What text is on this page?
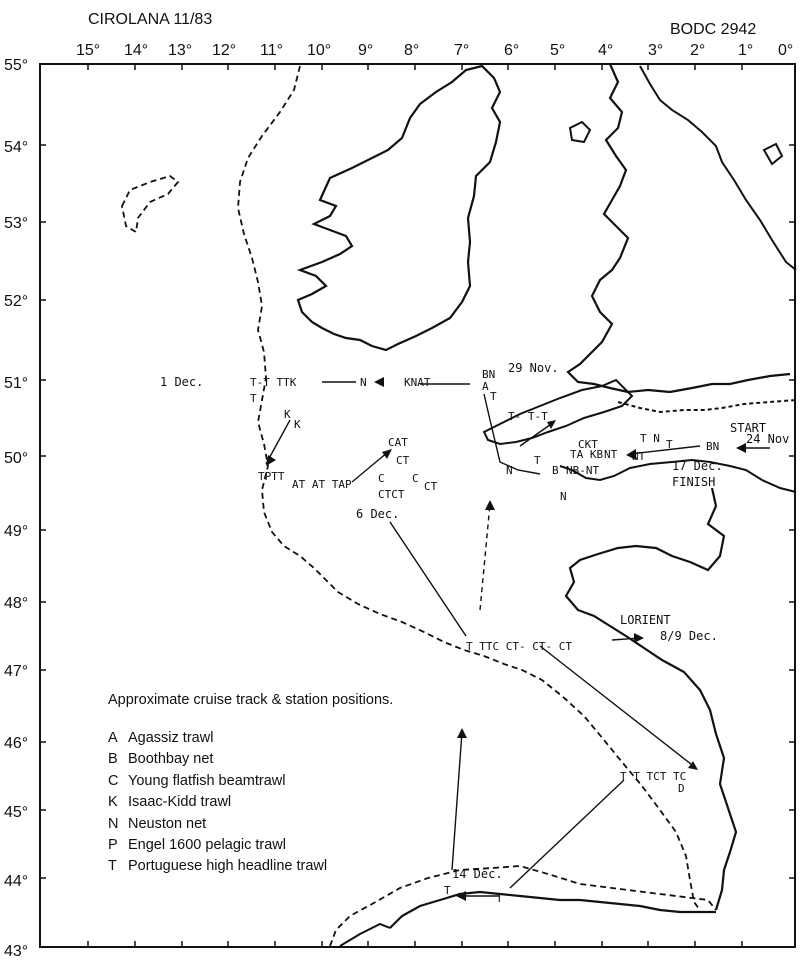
CIROLANA 11/83
BODC 2942
15° 14° 13° 12° 11° 10° 9° 8° 7° 6° 5° 4° 3° 2° 1° 0°
55°
54°
53°
52°
51°
50°
49°
48°
47°
46°
45°
44°
43°
29 Nov.
1 Dec.
START
24 Nov
17 Dec.
FINISH
6 Dec.
LORIENT
8/9 Dec.
14 Dec.
KNAT
N
T-T TTK
T
BN
A
T
K
K
TPTT
AT AT TAP
CAT
CT
C C
CTCT
CT
T- T-T
N
T
CKT
TA KB NT
B NB-NT
NT
N
T N T	BN
T TTC CT- CT- CT
T T TCT TC
D
T
T
Approximate cruise track & station positions.
A Agassiz trawl
B Boothbay net
C Young flatfish beamtrawl
K Isaac-Kidd trawl
N Neuston net
P Engel 1600 pelagic trawl
T Portuguese high headline trawl
